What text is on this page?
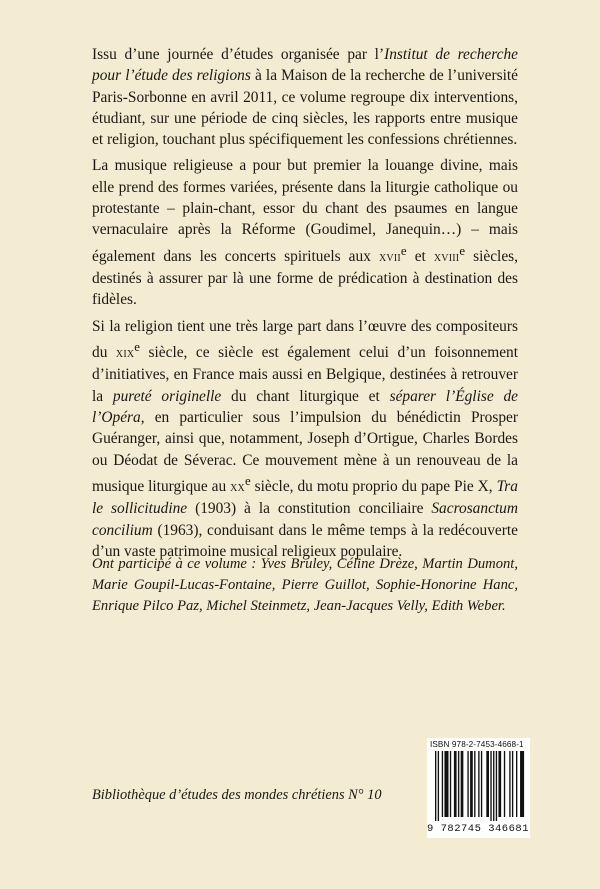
Issu d’une journée d’études organisée par l’Institut de recherche pour l’étude des religions à la Maison de la recherche de l’université Paris-Sorbonne en avril 2011, ce volume regroupe dix interventions, étudiant, sur une période de cinq siècles, les rapports entre musique et religion, touchant plus spécifiquement les confessions chrétiennes.

La musique religieuse a pour but premier la louange divine, mais elle prend des formes variées, présente dans la liturgie catholique ou protestante – plain-chant, essor du chant des psaumes en langue vernaculaire après la Réforme (Goudimel, Janequin…) – mais également dans les concerts spirituels aux xvii$^e$ et xviii$^e$ siècles, destinés à assurer par là une forme de prédication à destination des fidèles.

Si la religion tient une très large part dans l’œuvre des compositeurs du xix$^e$ siècle, ce siècle est également celui d’un foisonnement d’initiatives, en France mais aussi en Belgique, destinées à retrouver la pureté originelle du chant liturgique et séparer l’Église de l’Opéra, en particulier sous l’impulsion du bénédictin Prosper Guéranger, ainsi que, notamment, Joseph d’Ortigue, Charles Bordes ou Déodat de Séverac. Ce mouvement mène à un renouveau de la musique liturgique au $xx^e$ siècle, du motu proprio du pape Pie X, Tra le sollicitudine (1903) à la constitution conciliaire Sacrosanctum concilium (1963), conduisant dans le même temps à la redécouverte d’un vaste patrimoine musical religieux populaire.

Ont participé à ce volume : Yves Bruley, Céline Drèze, Martin Dumont, Marie Goupil-Lucas-Fontaine, Pierre Guillot, Sophie-Honorine Hanc, Enrique Pilco Paz, Michel Steinmetz, Jean-Jacques Velly, Edith Weber.
Bibliothèque d’études des mondes chrétiens N° 10
ISBN 978-2-7453-4668-1
9 782745 346681
